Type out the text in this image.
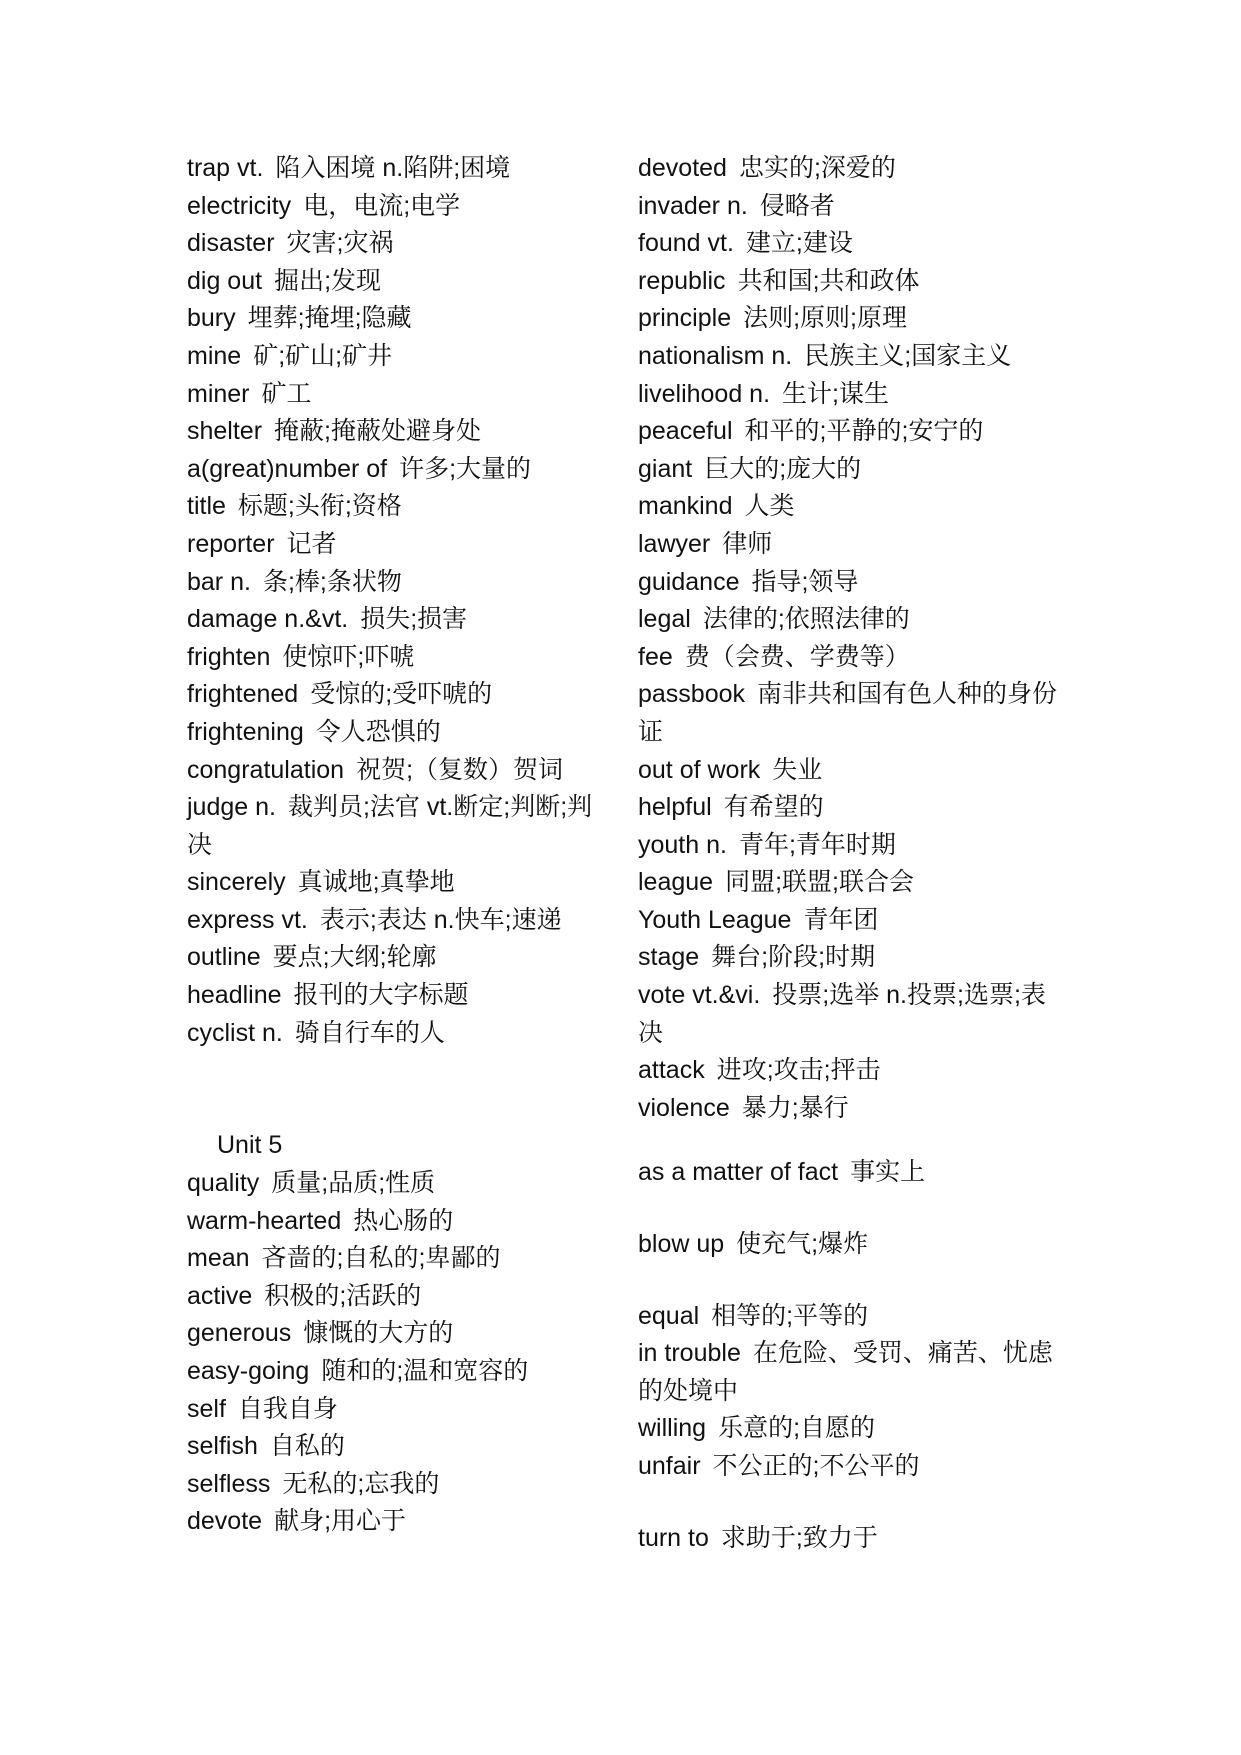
trap vt. 陷入困境 n.陷阱;困境
electricity 电，电流;电学
disaster 灾害;灾祸
dig out 掘出;发现
bury 埋葬;掩埋;隐藏
mine 矿;矿山;矿井
miner 矿工
shelter 掩蔽;掩蔽处避身处
a(great)number of 许多;大量的
title 标题;头衔;资格
reporter 记者
bar n. 条;棒;条状物
damage n.&vt. 损失;损害
frighten 使惊吓;吓唬
frightened 受惊的;受吓唬的
frightening 令人恐惧的
congratulation 祝贺;（复数）贺词
judge n. 裁判员;法官 vt.断定;判断;判决
sincerely 真诚地;真挚地
express vt. 表示;表达 n.快车;速递
outline 要点;大纲;轮廓
headline 报刊的大字标题
cyclist n. 骑自行车的人
Unit 5
quality 质量;品质;性质
warm-hearted 热心肠的
mean 吝啬的;自私的;卑鄙的
active 积极的;活跃的
generous 慷慨的大方的
easy-going 随和的;温和宽容的
self 自我自身
selfish 自私的
selfless 无私的;忘我的
devote 献身;用心于
devoted 忠实的;深爱的
invader n. 侵略者
found vt. 建立;建设
republic 共和国;共和政体
principle 法则;原则;原理
nationalism n. 民族主义;国家主义
livelihood n. 生计;谋生
peaceful 和平的;平静的;安宁的
giant 巨大的;庞大的
mankind 人类
lawyer 律师
guidance 指导;领导
legal 法律的;依照法律的
fee 费（会费、学费等）
passbook 南非共和国有色人种的身份证
out of work 失业
helpful 有希望的
youth n. 青年;青年时期
league 同盟;联盟;联合会
Youth League 青年团
stage 舞台;阶段;时期
vote vt.&vi. 投票;选举 n.投票;选票;表决
attack 进攻;攻击;抨击
violence 暴力;暴行
as a matter of fact 事实上
blow up 使充气;爆炸
equal 相等的;平等的
in trouble 在危险、受罚、痛苦、忧虑的处境中
willing 乐意的;自愿的
unfair 不公正的;不公平的
turn to 求助于;致力于
